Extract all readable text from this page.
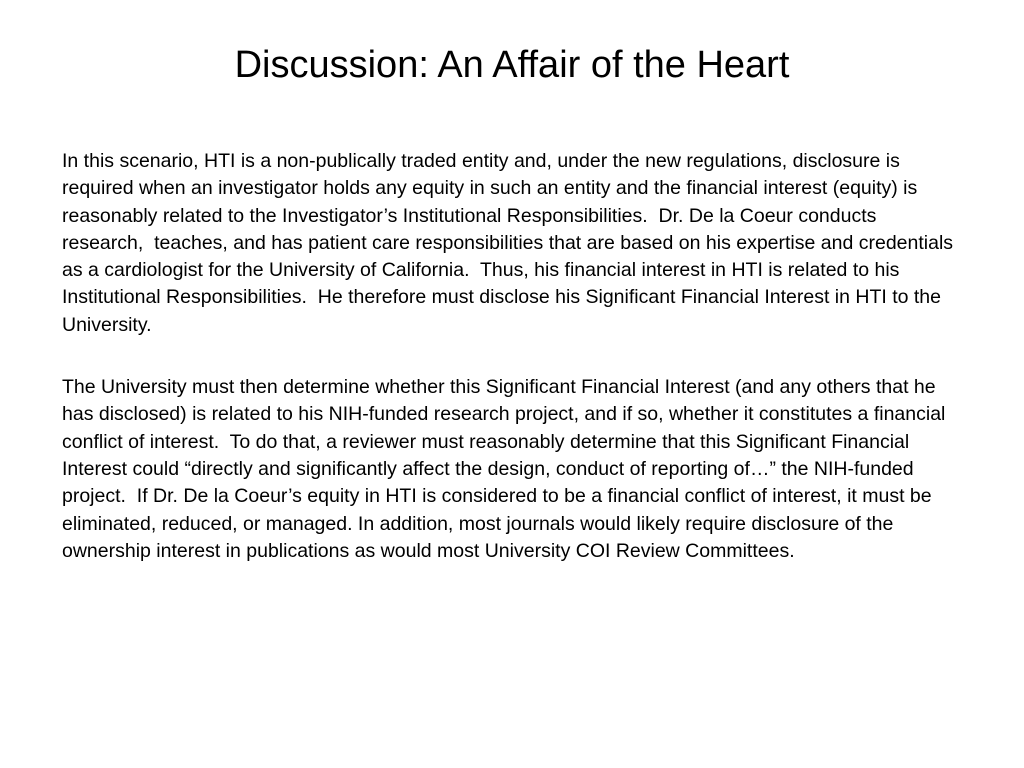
Discussion: An Affair of the Heart

In this scenario, HTI is a non-publically traded entity and, under the new regulations, disclosure is required when an investigator holds any equity in such an entity and the financial interest (equity) is reasonably related to the Investigator’s Institutional Responsibilities.  Dr. De la Coeur conducts research,  teaches, and has patient care responsibilities that are based on his expertise and credentials as a cardiologist for the University of California.  Thus, his financial interest in HTI is related to his Institutional Responsibilities.  He therefore must disclose his Significant Financial Interest in HTI to the University.

The University must then determine whether this Significant Financial Interest (and any others that he has disclosed) is related to his NIH-funded research project, and if so, whether it constitutes a financial conflict of interest.  To do that, a reviewer must reasonably determine that this Significant Financial Interest could “directly and significantly affect the design, conduct of reporting of…” the NIH-funded project.  If Dr. De la Coeur’s equity in HTI is considered to be a financial conflict of interest, it must be eliminated, reduced, or managed. In addition, most journals would likely require disclosure of the ownership interest in publications as would most University COI Review Committees.
